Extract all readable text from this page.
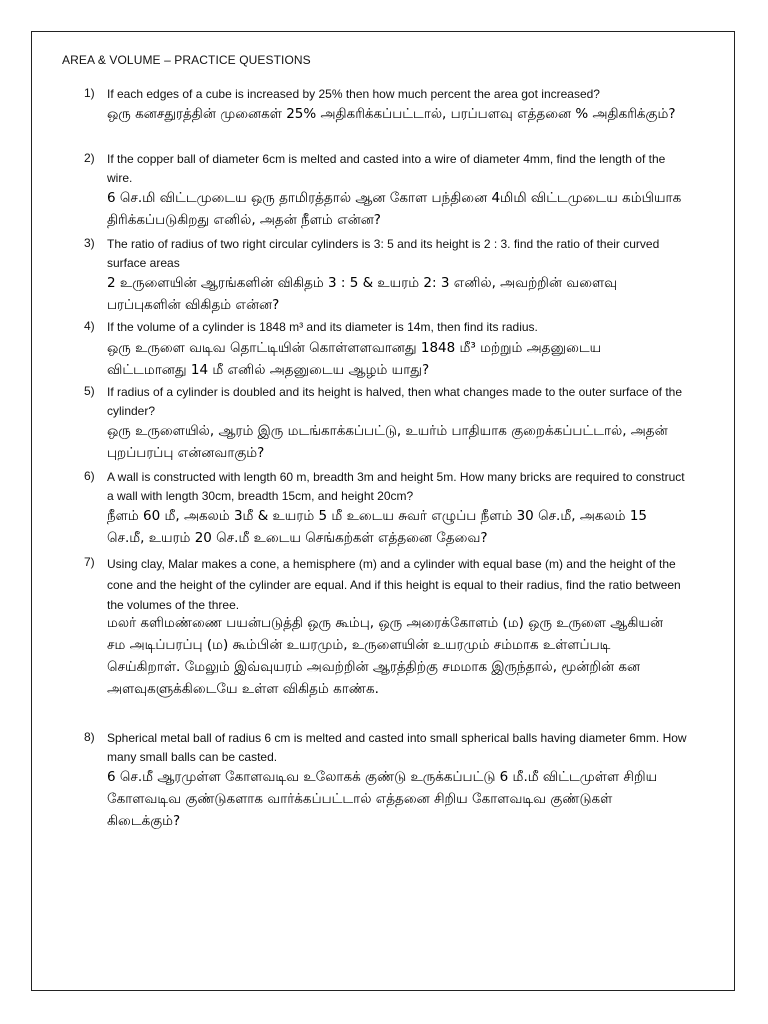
AREA & VOLUME – PRACTICE QUESTIONS
1) If each edges of a cube is increased by 25% then how much percent the area got increased?
ஒரு கனசதுரத்தின் முனைகள் 25% அதிகரிக்கப்பட்டால், பரப்பளவு எத்தனை % அதிகரிக்கும்?
2) If the copper ball of diameter 6cm is melted and casted into a wire of diameter 4mm, find the length of the wire.
6 செ.மி விட்டமுடைய ஒரு தாமிரத்தால் ஆன கோள பந்தினை 4மிமி விட்டமுடைய கம்பியாக திரிக்கப்படுகிறது எனில், அதன் நீளம் என்ன?
3) The ratio of radius of two right circular cylinders is 3: 5 and its height is 2 : 3. find the ratio of their curved surface areas
2 உருளையின் ஆரங்களின் விகிதம் 3 : 5 & உயரம் 2: 3 எனில், அவற்றின் வளைவு பரப்புகளின் விகிதம் என்ன?
4) If the volume of a cylinder is 1848 m³ and its diameter is 14m, then find its radius.
ஒரு உருளை வடிவ தொட்டியின் கொள்ளளவானது 1848 மீ³ மற்றும் அதனுடைய விட்டமானது 14 மீ எனில் அதனுடைய ஆழம் யாது?
5) If radius of a cylinder is doubled and its height is halved, then what changes made to the outer surface of the cylinder?
ஒரு உருளையில், ஆரம் இரு மடங்காக்கப்பட்டு, உயர்ம் பாதியாக குறைக்கப்பட்டால், அதன் புறப்பரப்பு என்னவாகும்?
6) A wall is constructed with length 60 m, breadth 3m and height 5m. How many bricks are required to construct a wall with length 30cm, breadth 15cm, and height 20cm?
நீளம் 60 மீ, அகலம் 3மீ & உயரம் 5 மீ உடைய சுவர் எழுப்ப நீளம் 30 செ.மீ, அகலம் 15 செ.மீ, உயரம் 20 செ.மீ உடைய செங்கற்கள் எத்தனை தேவை?
7) Using clay, Malar makes a cone, a hemisphere (m) and a cylinder with equal base (m) and the height of the cone and the height of the cylinder are equal. And if this height is equal to their radius, find the ratio between the volumes of the three.
மலர் களிமண்ணை பயன்படுத்தி ஒரு கூம்பு, ஒரு அரைக்கோளம் (ம) ஒரு உருளை ஆகியன் சம அடிப்பரப்பு (ம) கூம்பின் உயரமும், உருளையின் உயரமும் சம்மாக உள்ளப்படி செய்கிறாள். மேலும் இவ்வுயரம் அவற்றின் ஆரத்திற்கு சமமாக இருந்தால், மூன்றின் கன அளவுகளுக்கிடையே உள்ள விகிதம் காண்க.
8) Spherical metal ball of radius 6 cm is melted and casted into small spherical balls having diameter 6mm. How many small balls can be casted.
6 செ.மீ ஆரமுள்ள கோளவடிவ உலோகக் குண்டு உருக்கப்பட்டு 6 மீ.மீ விட்டமுள்ள சிறிய கோளவடிவ குண்டுகளாக வார்க்கப்பட்டால் எத்தனை சிறிய கோளவடிவ குண்டுகள் கிடைக்கும்?
